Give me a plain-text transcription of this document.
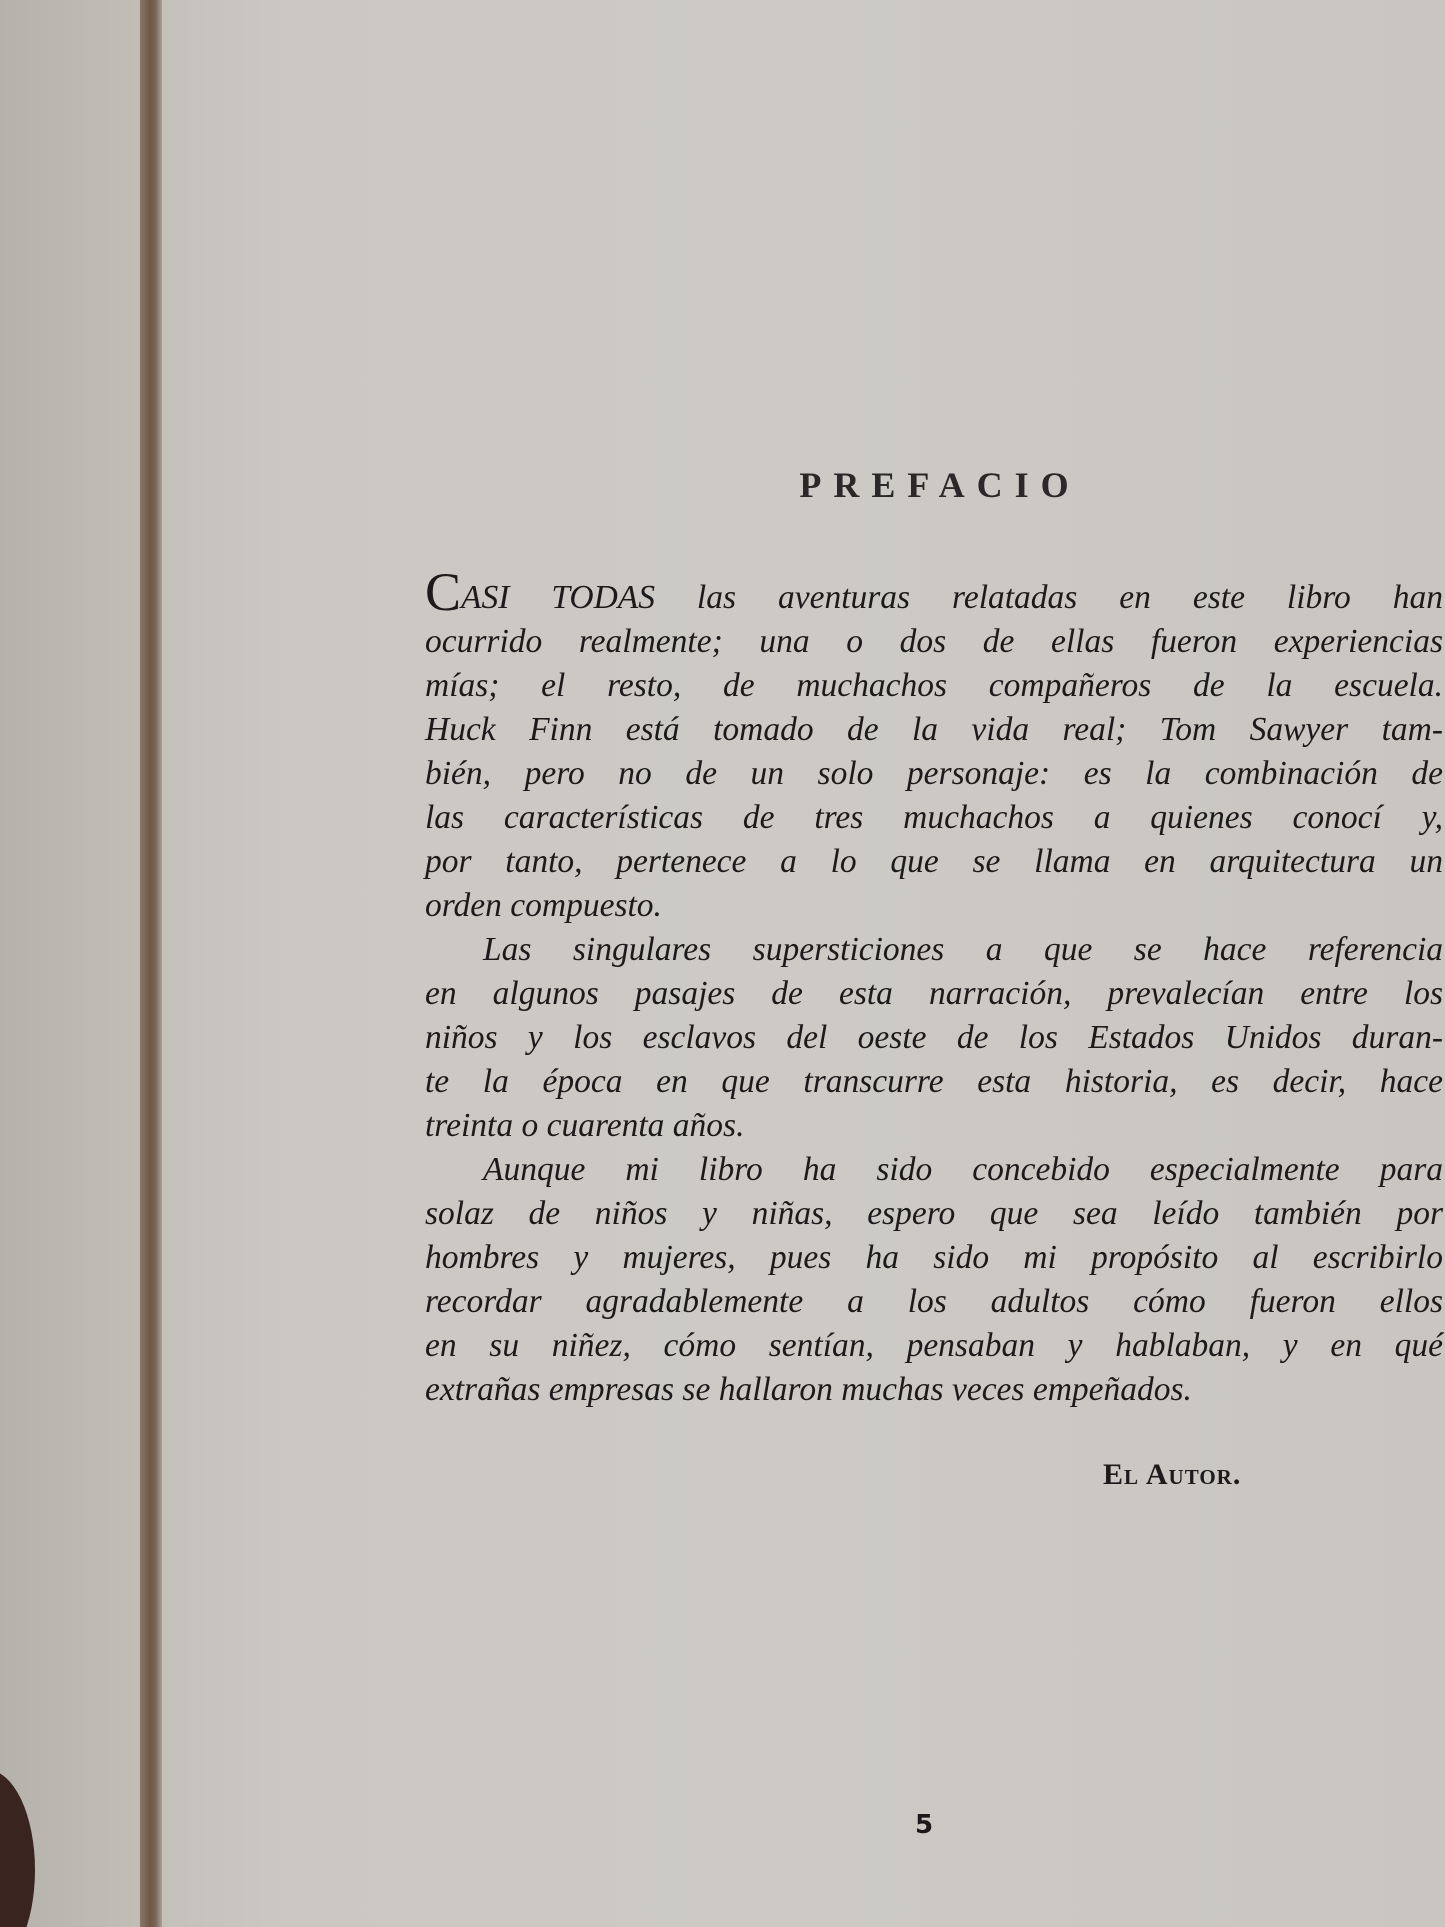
PREFACIO

CASI TODAS las aventuras relatadas en este libro han
ocurrido realmente; una o dos de ellas fueron experiencias
mías; el resto, de muchachos compañeros de la escuela.
Huck Finn está tomado de la vida real; Tom Sawyer tam-
bién, pero no de un solo personaje: es la combinación de
las características de tres muchachos a quienes conocí y,
por tanto, pertenece a lo que se llama en arquitectura un
orden compuesto.

Las singulares supersticiones a que se hace referencia
en algunos pasajes de esta narración, prevalecían entre los
niños y los esclavos del oeste de los Estados Unidos duran-
te la época en que transcurre esta historia, es decir, hace
treinta o cuarenta años.

Aunque mi libro ha sido concebido especialmente para
solaz de niños y niñas, espero que sea leído también por
hombres y mujeres, pues ha sido mi propósito al escribirlo
recordar agradablemente a los adultos cómo fueron ellos
en su niñez, cómo sentían, pensaban y hablaban, y en qué
extrañas empresas se hallaron muchas veces empeñados.

El Autor.
5
